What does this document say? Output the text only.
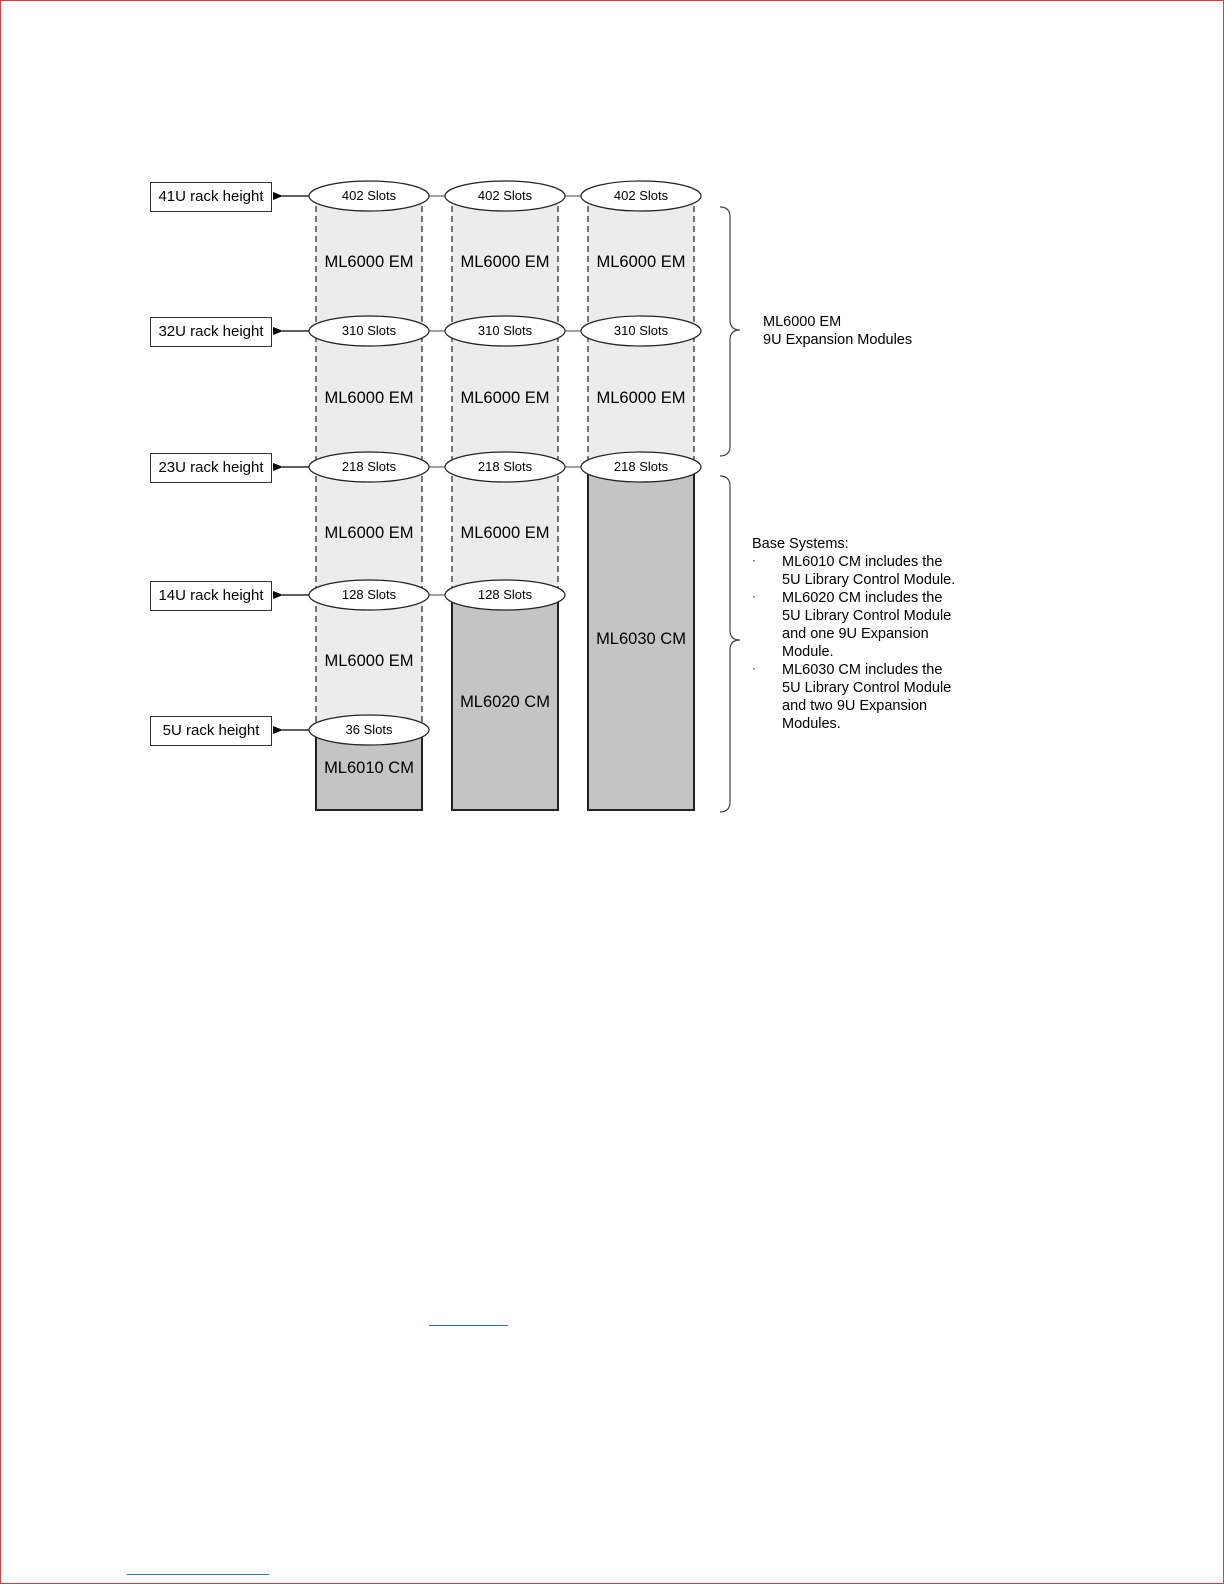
41U rack height
32U rack height
23U rack height
14U rack height
5U rack height
402 Slots	402 Slots	402 Slots
310 Slots	310 Slots	310 Slots
218 Slots	218 Slots	218 Slots
128 Slots	128 Slots
36 Slots
ML6000 EM
ML6000 EM
ML6000 EM
ML6000 EM
ML6010 CM
ML6000 EM
ML6000 EM
ML6000 EM
ML6020 CM
ML6000 EM
ML6000 EM
ML6030 CM
ML6000 EM
9U Expansion Modules
Base Systems:
· ML6010 CM includes the 5U Library Control Module.
· ML6020 CM includes the 5U Library Control Module and one 9U Expansion Module.
· ML6030 CM includes the 5U Library Control Module and two 9U Expansion Modules.
